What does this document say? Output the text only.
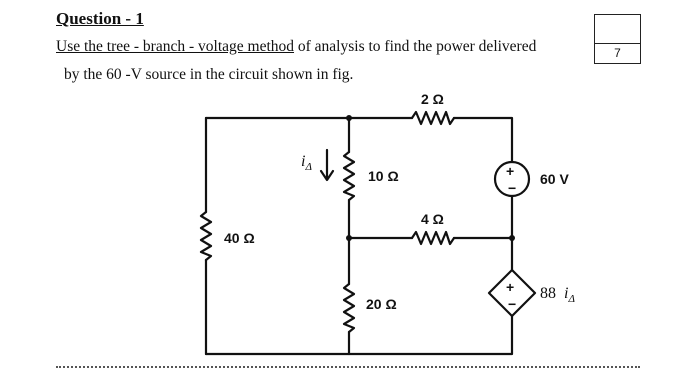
Question - 1
Use the tree - branch - voltage method of analysis to find the power delivered
by the 60 -V source in the circuit shown in fig.
7
+
−
+
−
2 Ω
10 Ω
4 Ω
40 Ω
20 Ω
60 V
88 $i_\Delta$
$i_\Delta$
